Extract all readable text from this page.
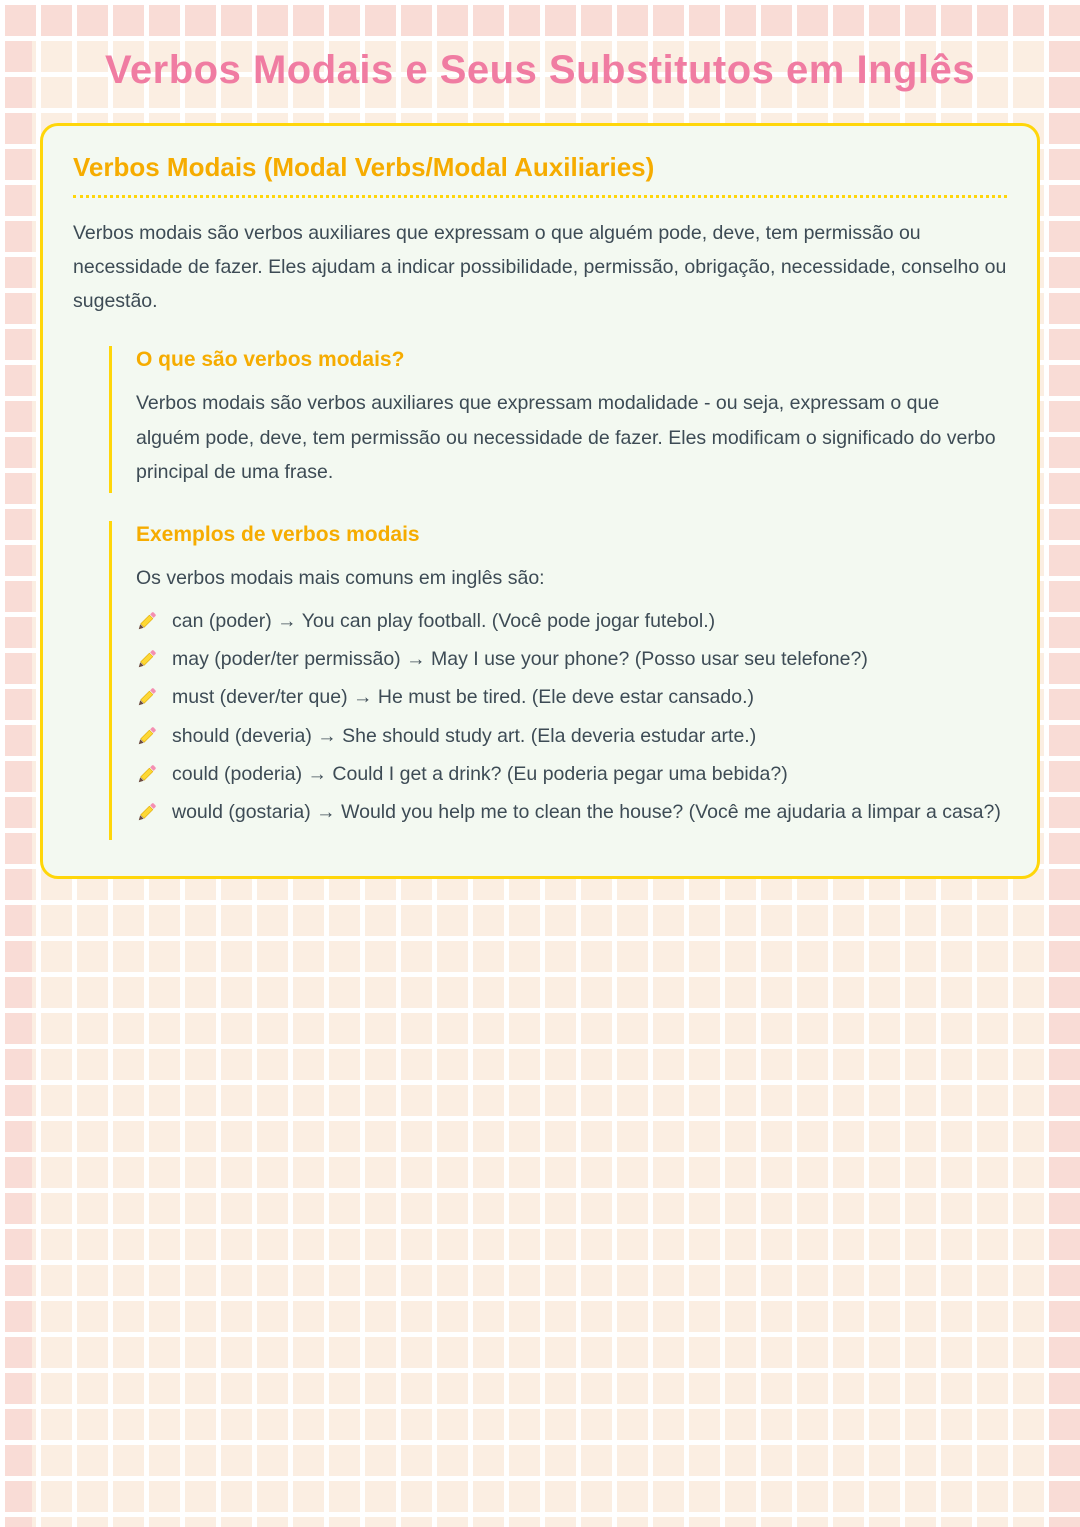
Verbos Modais e Seus Substitutos em Inglês
Verbos Modais (Modal Verbs/Modal Auxiliaries)

Verbos modais são verbos auxiliares que expressam o que alguém pode, deve, tem permissão ou necessidade de fazer. Eles ajudam a indicar possibilidade, permissão, obrigação, necessidade, conselho ou sugestão.

O que são verbos modais?

Verbos modais são verbos auxiliares que expressam modalidade - ou seja, expressam o que alguém pode, deve, tem permissão ou necessidade de fazer. Eles modificam o significado do verbo principal de uma frase.

Exemplos de verbos modais

Os verbos modais mais comuns em inglês são:

can (poder) → You can play football. (Você pode jogar futebol.)
may (poder/ter permissão) → May I use your phone? (Posso usar seu telefone?)
must (dever/ter que) → He must be tired. (Ele deve estar cansado.)
should (deveria) → She should study art. (Ela deveria estudar arte.)
could (poderia) → Could I get a drink? (Eu poderia pegar uma bebida?)
would (gostaria) → Would you help me to clean the house? (Você me ajudaria a limpar a casa?)
